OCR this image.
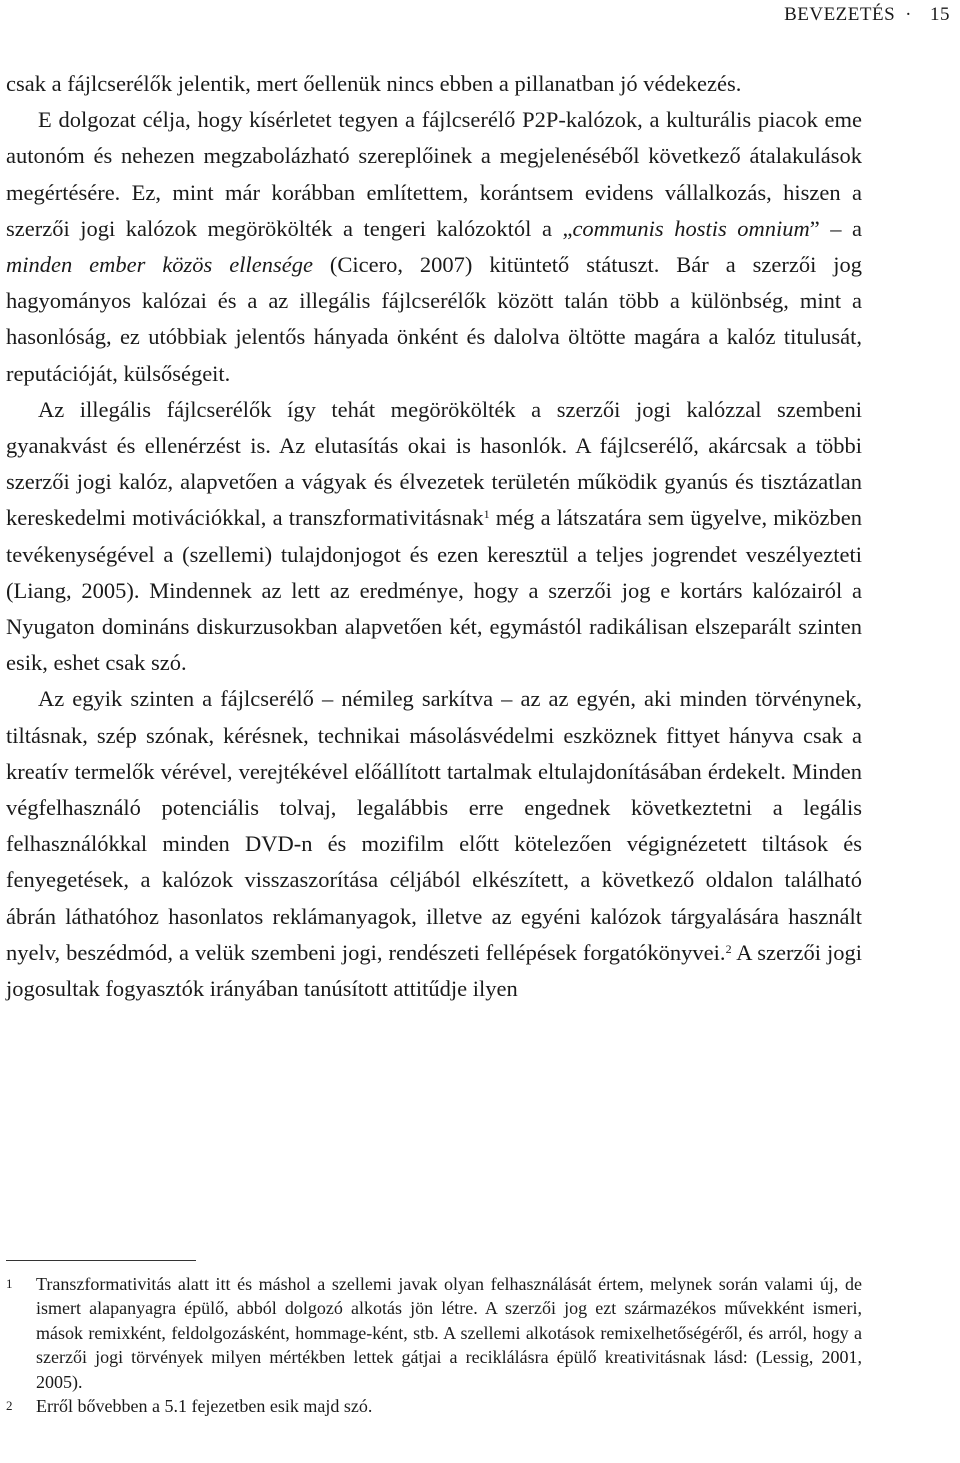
BEVEZETÉS · 15

csak a fájlcserélők jelentik, mert őellenük nincs ebben a pillanatban jó védekezés.

E dolgozat célja, hogy kísérletet tegyen a fájlcserélő P2P-kalózok, a kulturális piacok eme autonóm és nehezen megzabolázható szereplőinek a megjelenéséből következő átalakulások megértésére. Ez, mint már korábban említettem, korántsem evidens vállalkozás, hiszen a szerzői jogi kalózok megörökölték a tengeri kalózoktól a „communis hostis omnium” – a minden ember közös ellensége (Cicero, 2007) kitüntető státuszt. Bár a szerzői jog hagyományos kalózai és a az illegális fájlcserélők között talán több a különbség, mint a hasonlóság, ez utóbbiak jelentős hányada önként és dalolva öltötte magára a kalóz titulusát, reputációját, külsőségeit.

Az illegális fájlcserélők így tehát megörökölték a szerzői jogi kalózzal szembeni gyanakvást és ellenérzést is. Az elutasítás okai is hasonlók. A fájlcserélő, akárcsak a többi szerzői jogi kalóz, alapvetően a vágyak és élvezetek területén működik gyanús és tisztázatlan kereskedelmi motivációkkal, a transzformativitásnak$^1$ még a látszatára sem ügyelve, miközben tevékenységével a (szellemi) tulajdonjogot és ezen keresztül a teljes jogrendet veszélyezteti (Liang, 2005). Mindennek az lett az eredménye, hogy a szerzői jog e kortárs kalózairól a Nyugaton domináns diskurzusokban alapvetően két, egymástól radikálisan elszeparált szinten esik, eshet csak szó.

Az egyik szinten a fájlcserélő – némileg sarkítva – az az egyén, aki minden törvénynek, tiltásnak, szép szónak, kérésnek, technikai másolásvédelmi eszköznek fittyet hányva csak a kreatív termelők vérével, verejtékével előállított tartalmak eltulajdonításában érdekelt. Minden végfelhasználó potenciális tolvaj, legalábbis erre engednek következtetni a legális felhasználókkal minden DVD-n és mozifilm előtt kötelezően végignézetett tiltások és fenyegetések, a kalózok visszaszorítása céljából elkészített, a következő oldalon található ábrán láthatóhoz hasonlatos reklámanyagok, illetve az egyéni kalózok tárgyalására használt nyelv, beszédmód, a velük szembeni jogi, rendészeti fellépések forgatókönyvei.$^2$ A szerzői jogi jogosultak fogyasztók irányában tanúsított attitűdje ilyen

1 Transzformativitás alatt itt és máshol a szellemi javak olyan felhasználását értem, melynek során valami új, de ismert alapanyagra épülő, abból dolgozó alkotás jön létre. A szerzői jog ezt származékos művekként ismeri, mások remixként, feldolgozásként, hommage-ként, stb. A szellemi alkotások remixelhetőségéről, és arról, hogy a szerzői jogi törvények milyen mértékben lettek gátjai a reciklálásra épülő kreativitásnak lásd: (Lessig, 2001, 2005).
2 Erről bővebben a 5.1 fejezetben esik majd szó.
